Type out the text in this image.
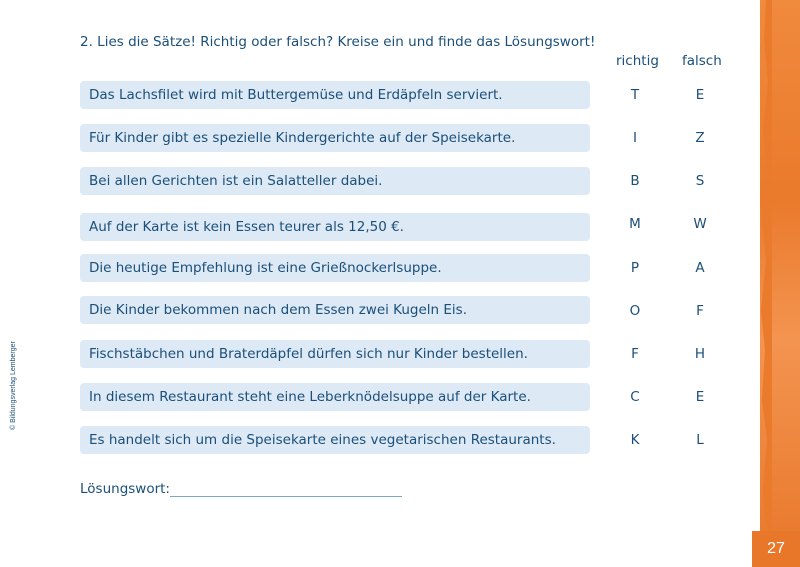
27
© Bildungsverlag Lemberger
2. Lies die Sätze! Richtig oder falsch? Kreise ein und finde das Lösungswort!
richtig falsch
Das Lachsfilet wird mit Buttergemüse und Erdäpfeln serviert.	T	E
Für Kinder gibt es spezielle Kindergerichte auf der Speisekarte.	I	Z
Bei allen Gerichten ist ein Salatteller dabei.	B	S
Auf der Karte ist kein Essen teurer als 12,50 €.	M	W
Die heutige Empfehlung ist eine Grießnockerlsuppe.	P	A
Die Kinder bekommen nach dem Essen zwei Kugeln Eis.	O	F
Fischstäbchen und Braterdäpfel dürfen sich nur Kinder bestellen.	F	H
In diesem Restaurant steht eine Leberknödelsuppe auf der Karte.	C	E
Es handelt sich um die Speisekarte eines vegetarischen Restaurants.	K	L
Lösungswort:
